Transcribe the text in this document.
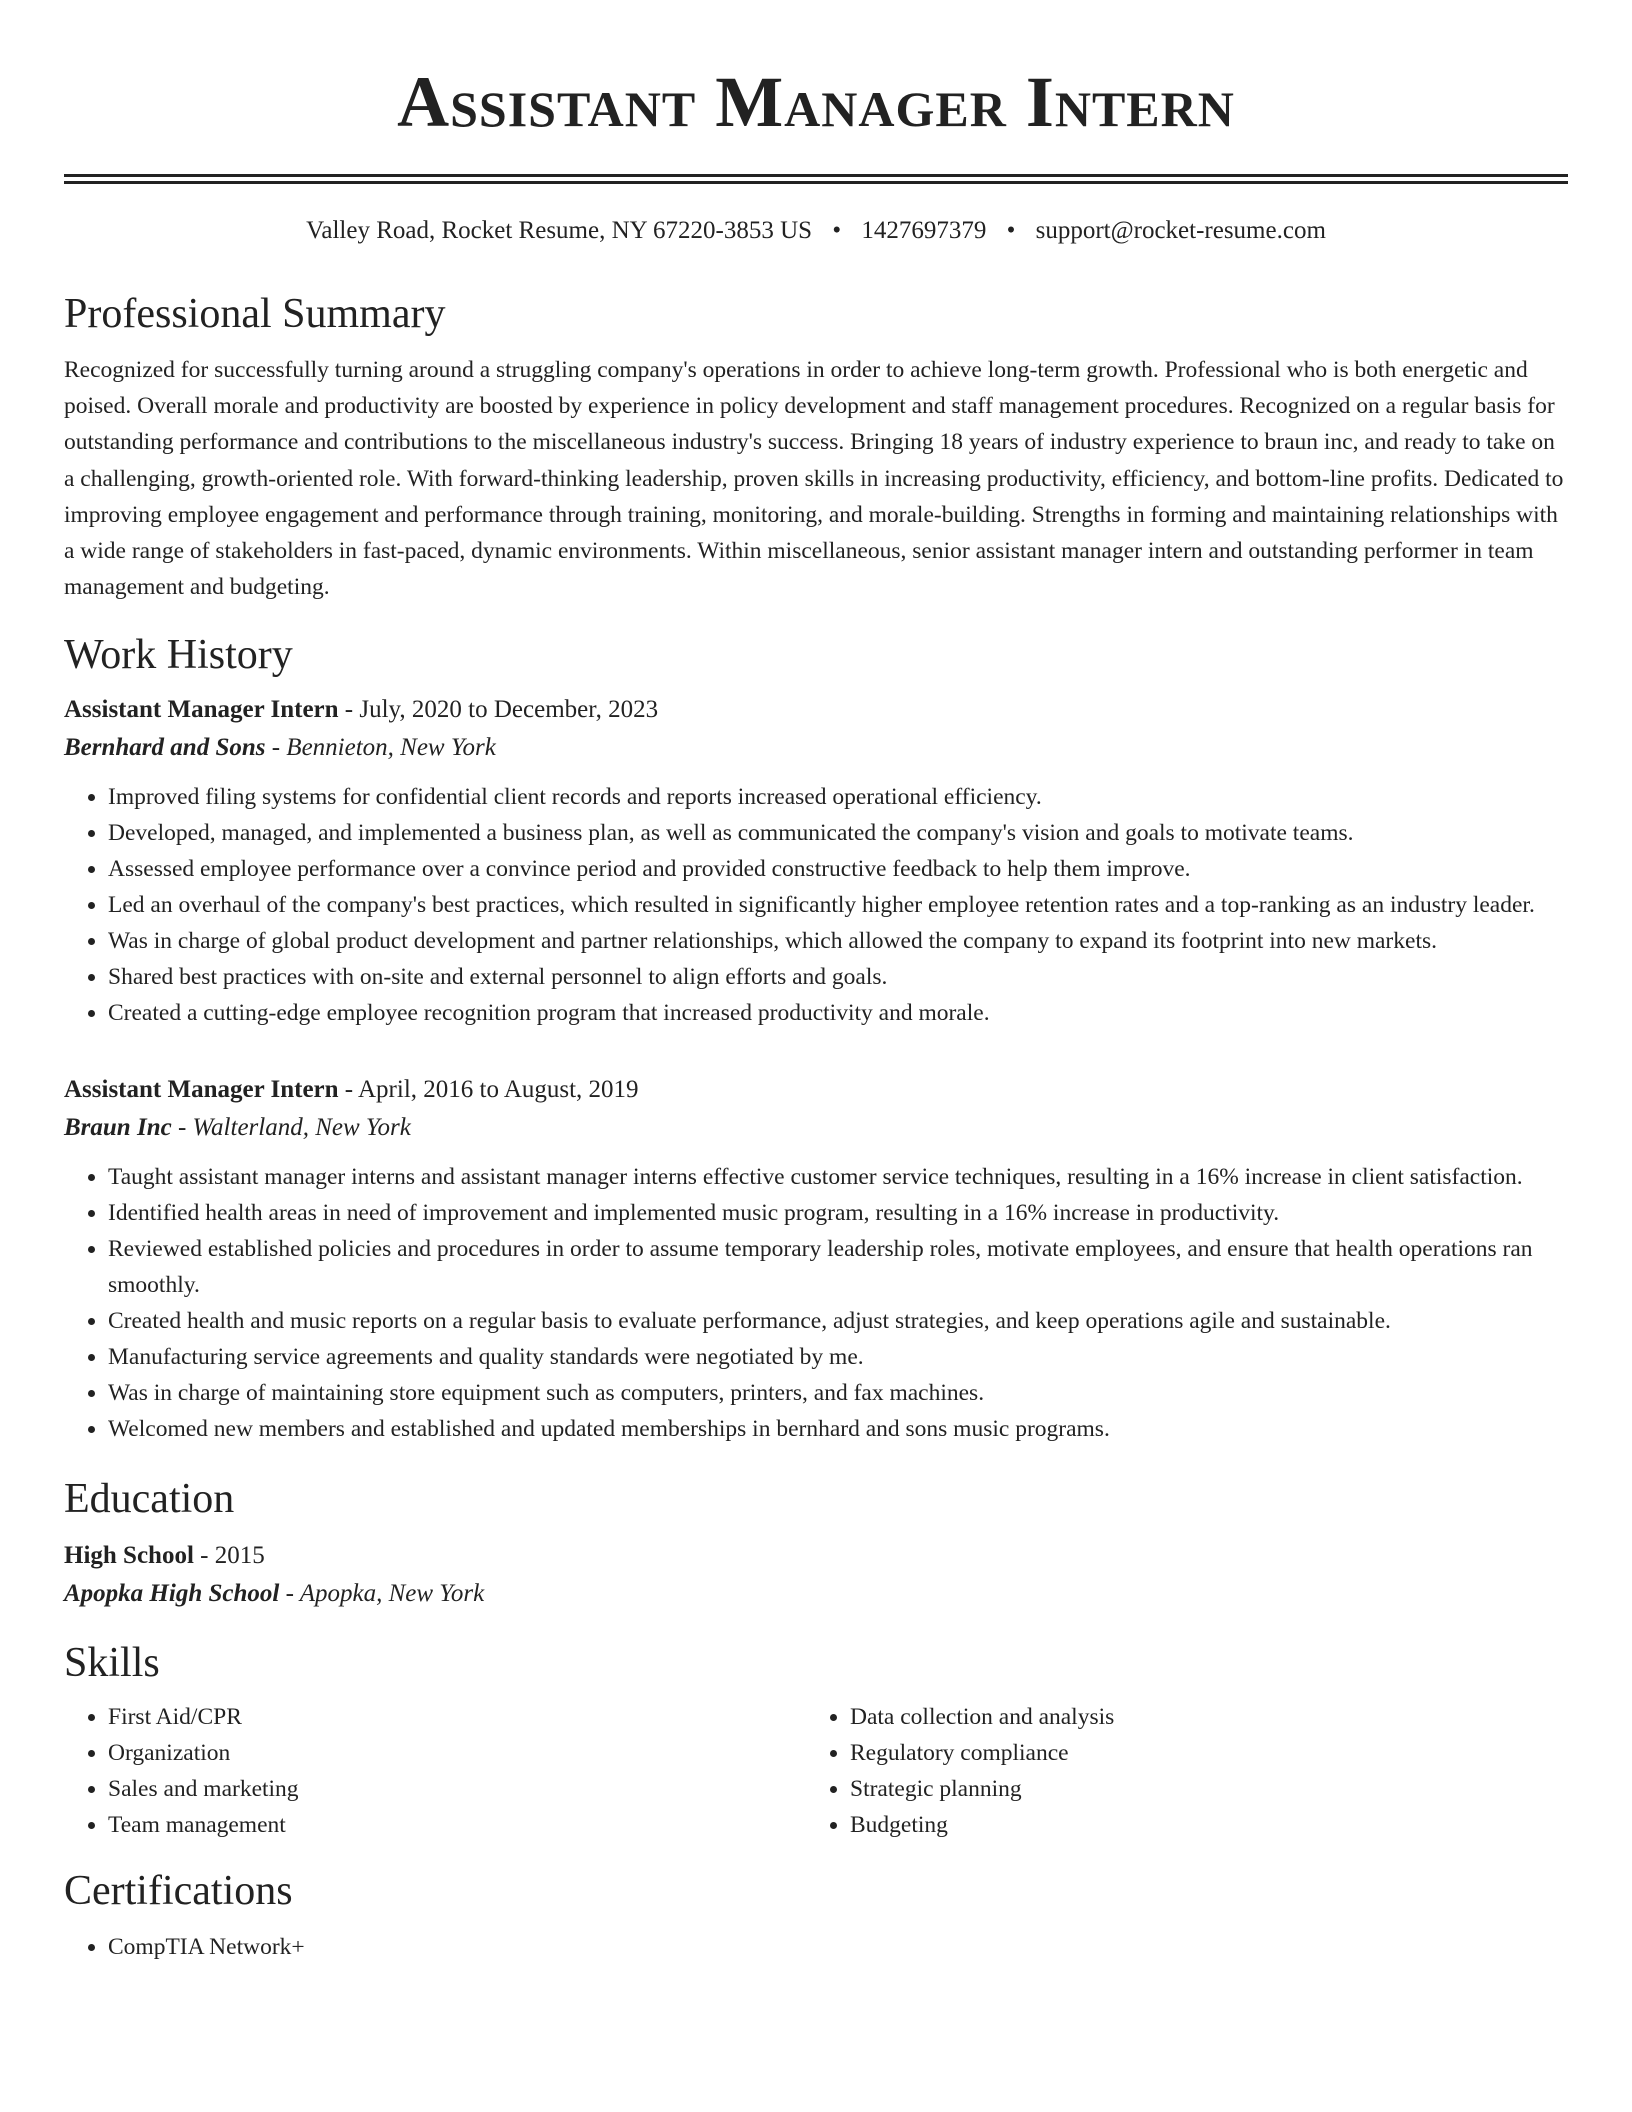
Assistant Manager Intern
Valley Road, Rocket Resume, NY 67220-3853 US • 1427697379 • support@rocket-resume.com
Professional Summary
Recognized for successfully turning around a struggling company's operations in order to achieve long-term growth. Professional who is both energetic and poised. Overall morale and productivity are boosted by experience in policy development and staff management procedures. Recognized on a regular basis for outstanding performance and contributions to the miscellaneous industry's success. Bringing 18 years of industry experience to braun inc, and ready to take on a challenging, growth-oriented role. With forward-thinking leadership, proven skills in increasing productivity, efficiency, and bottom-line profits. Dedicated to improving employee engagement and performance through training, monitoring, and morale-building. Strengths in forming and maintaining relationships with a wide range of stakeholders in fast-paced, dynamic environments. Within miscellaneous, senior assistant manager intern and outstanding performer in team management and budgeting.
Work History
Assistant Manager Intern - July, 2020 to December, 2023
Bernhard and Sons - Bennieton, New York
• Improved filing systems for confidential client records and reports increased operational efficiency.
• Developed, managed, and implemented a business plan, as well as communicated the company's vision and goals to motivate teams.
• Assessed employee performance over a convince period and provided constructive feedback to help them improve.
• Led an overhaul of the company's best practices, which resulted in significantly higher employee retention rates and a top-ranking as an industry leader.
• Was in charge of global product development and partner relationships, which allowed the company to expand its footprint into new markets.
• Shared best practices with on-site and external personnel to align efforts and goals.
• Created a cutting-edge employee recognition program that increased productivity and morale.
Assistant Manager Intern - April, 2016 to August, 2019
Braun Inc - Walterland, New York
• Taught assistant manager interns and assistant manager interns effective customer service techniques, resulting in a 16% increase in client satisfaction.
• Identified health areas in need of improvement and implemented music program, resulting in a 16% increase in productivity.
• Reviewed established policies and procedures in order to assume temporary leadership roles, motivate employees, and ensure that health operations ran smoothly.
• Created health and music reports on a regular basis to evaluate performance, adjust strategies, and keep operations agile and sustainable.
• Manufacturing service agreements and quality standards were negotiated by me.
• Was in charge of maintaining store equipment such as computers, printers, and fax machines.
• Welcomed new members and established and updated memberships in bernhard and sons music programs.
Education
High School - 2015
Apopka High School - Apopka, New York
Skills
• First Aid/CPR
• Organization
• Sales and marketing
• Team management
• Data collection and analysis
• Regulatory compliance
• Strategic planning
• Budgeting
Certifications
• CompTIA Network+
